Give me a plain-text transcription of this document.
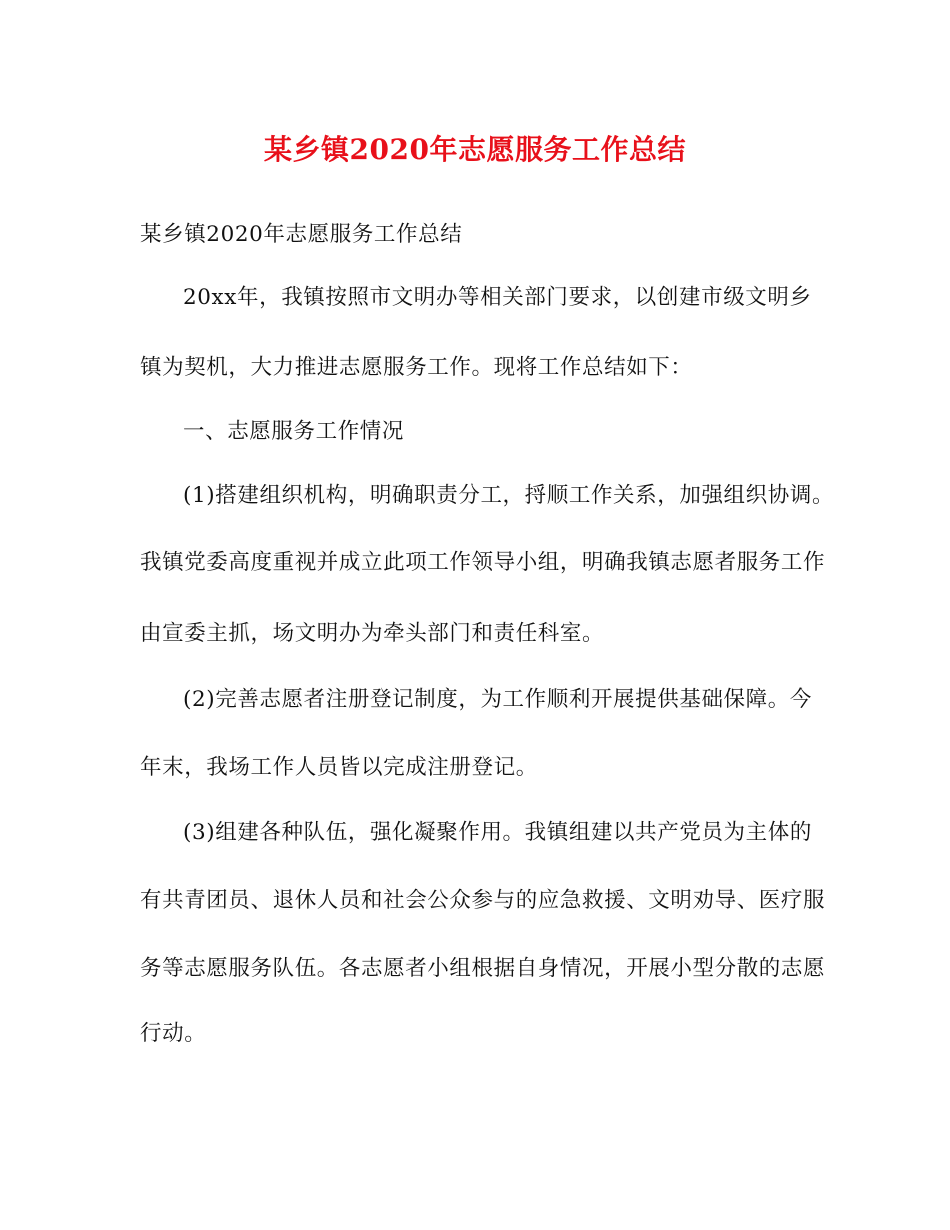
某乡镇2020年志愿服务工作总结
某乡镇2020年志愿服务工作总结
20xx年，我镇按照市文明办等相关部门要求，以创建市级文明乡
镇为契机，大力推进志愿服务工作。现将工作总结如下：
一、志愿服务工作情况
(1)搭建组织机构，明确职责分工，捋顺工作关系，加强组织协调。
我镇党委高度重视并成立此项工作领导小组，明确我镇志愿者服务工作
由宣委主抓，场文明办为牵头部门和责任科室。
(2)完善志愿者注册登记制度，为工作顺利开展提供基础保障。今
年末，我场工作人员皆以完成注册登记。
(3)组建各种队伍，强化凝聚作用。我镇组建以共产党员为主体的
有共青团员、退休人员和社会公众参与的应急救援、文明劝导、医疗服
务等志愿服务队伍。各志愿者小组根据自身情况，开展小型分散的志愿
行动。
